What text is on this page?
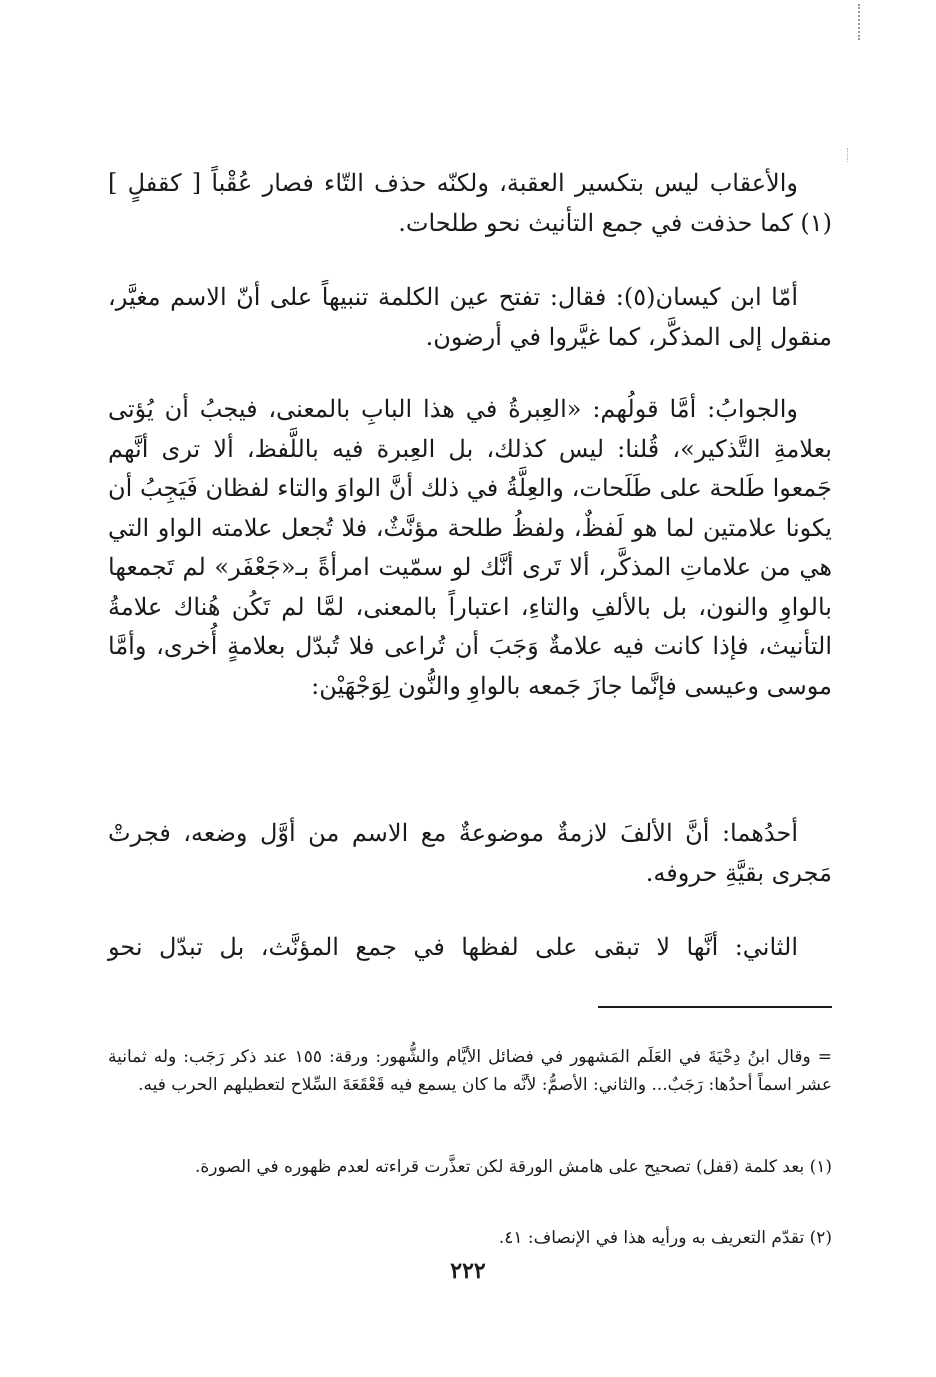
والأعقاب ليس بتكسير العقبة، ولكنّه حذف التّاء فصار عُقْباً [ كقفلٍ ](١) كما حذفت في جمع التأنيث نحو طلحات.

أمّا ابن كيسان(٥): فقال: تفتح عين الكلمة تنبيهاً على أنّ الاسم مغيَّر، منقول إلى المذكَّر، كما غيَّروا في أرضون.

والجوابُ: أمَّا قولُهم: «العِبرةُ في هذا البابِ بالمعنى، فيجبُ أن يُؤتى بعلامةِ التَّذكير»، قُلنا: ليس كذلك، بل العِبرة فيه باللَّفظ، ألا ترى أنَّهم جَمعوا طَلحة على طَلَحات، والعِلَّةُ في ذلك أنَّ الواوَ والتاء لفظان فَيَجِبُ أن يكونا علامتين لما هو لَفظٌ، ولفظُ طلحة مؤنَّثٌ، فلا تُجعل علامته الواو التي هي من علاماتِ المذكَّر، ألا تَرى أنَّك لو سمّيت امرأةً بـ«جَعْفَر» لم تَجمعها بالواوِ والنون، بل بالألفِ والتاءِ، اعتباراً بالمعنى، لمَّا لم تَكُن هُناك علامةُ التأنيث، فإذا كانت فيه علامةٌ وَجَبَ أن تُراعى فلا تُبدّل بعلامةٍ أُخرى، وأمَّا موسى وعيسى فإنَّما جازَ جَمعه بالواوِ والنُّون لِوَجْهَيْن:

أحدُهما: أنَّ الألفَ لازمةٌ موضوعةٌ مع الاسم من أوَّل وضعه، فجرتْ مَجرى بقيَّةِ حروفه.

الثاني: أنَّها لا تبقى على لفظها في جمع المؤنَّث، بل تبدّل نحو

= وقال ابنُ دِحْيَةَ في العَلَم المَشهور في فضائل الأيَّام والشُّهور: ورقة: ١٥٥ عند ذكر رَجَب: وله ثمانية عشر اسماً أحدُها: رَجَبٌ... والثاني: الأصمُّ: لأنَّه ما كان يسمع فيه قَعْقَعَةَ السِّلاح لتعطيلهم الحرب فيه.

(١) بعد كلمة (قفل) تصحيح على هامش الورقة لكن تعذَّرت قراءته لعدم ظهوره في الصورة.

(٢) تقدّم التعريف به ورأيه هذا في الإنصاف: ٤١.

٢٢٢
